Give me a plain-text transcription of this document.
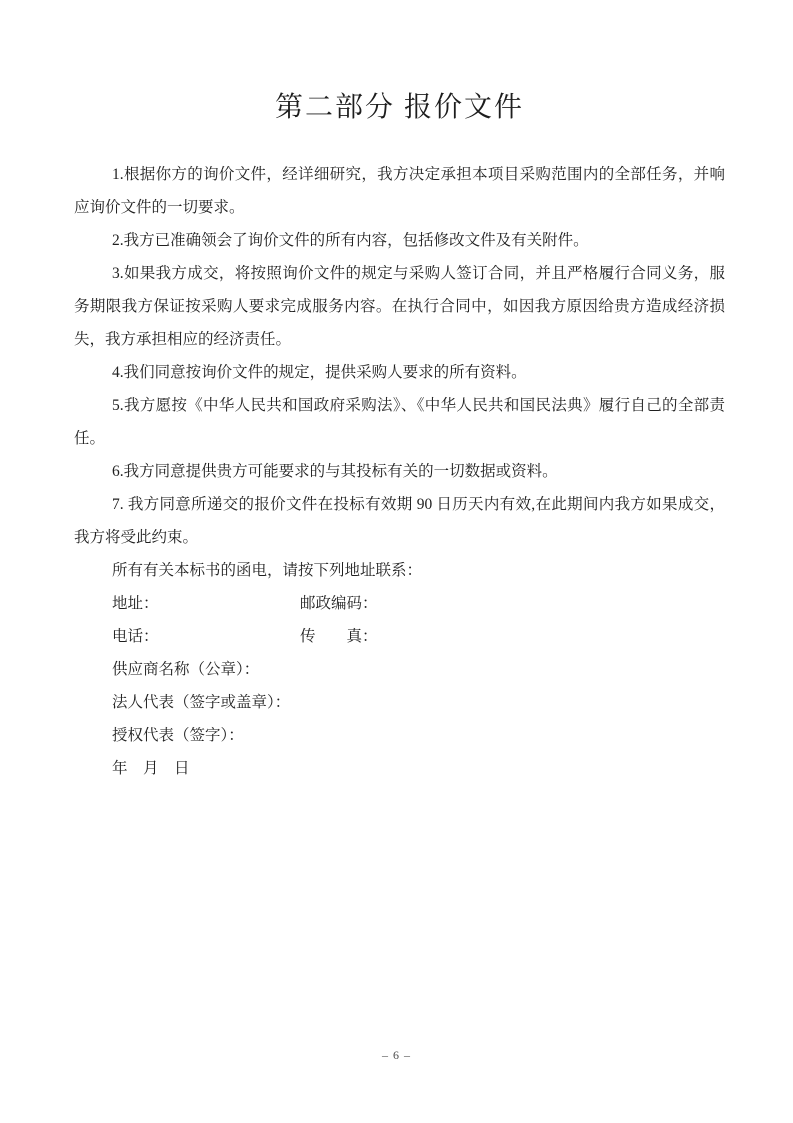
第二部分 报价文件

1.根据你方的询价文件，经详细研究，我方决定承担本项目采购范围内的全部任务，并响应询价文件的一切要求。

2.我方已准确领会了询价文件的所有内容，包括修改文件及有关附件。

3.如果我方成交，将按照询价文件的规定与采购人签订合同，并且严格履行合同义务，服务期限我方保证按采购人要求完成服务内容。在执行合同中，如因我方原因给贵方造成经济损失，我方承担相应的经济责任。

4.我们同意按询价文件的规定，提供采购人要求的所有资料。

5.我方愿按《中华人民共和国政府采购法》、《中华人民共和国民法典》履行自己的全部责任。

6.我方同意提供贵方可能要求的与其投标有关的一切数据或资料。

7. 我方同意所递交的报价文件在投标有效期 90 日历天内有效,在此期间内我方如果成交，我方将受此约束。

所有有关本标书的函电，请按下列地址联系：

地址：	邮政编码：
电话：	传　　真：
供应商名称（公章）：
法人代表（签字或盖章）：
授权代表（签字）：
年　月　日
– 6 –
